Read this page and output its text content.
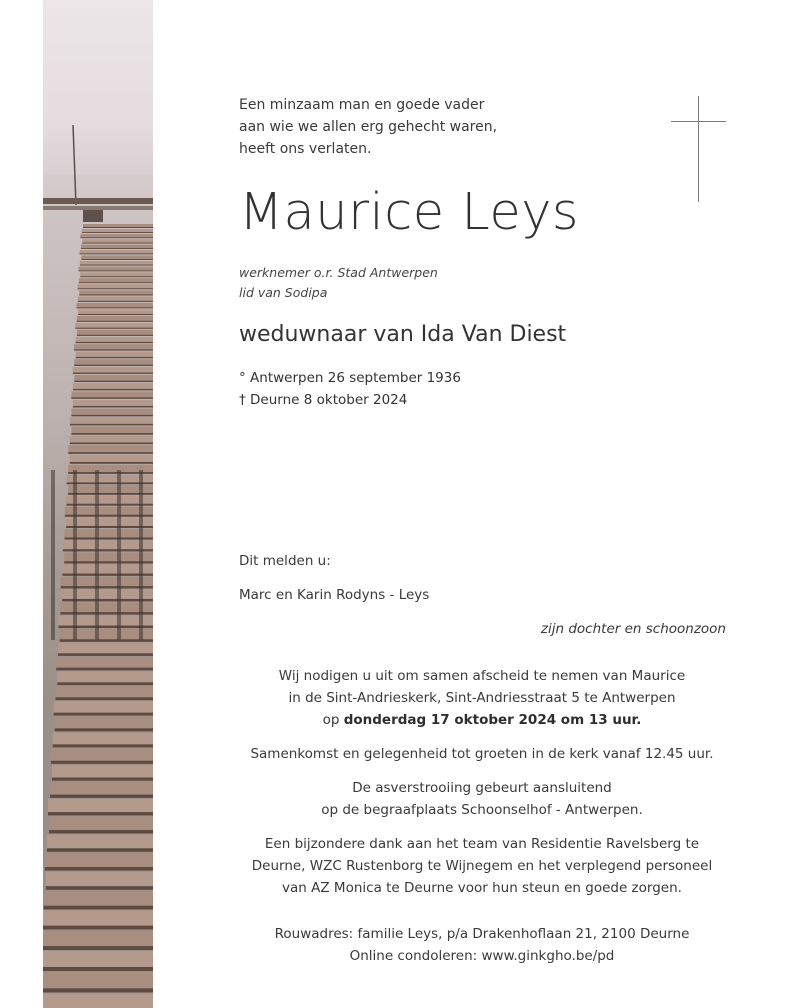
Een minzaam man en goede vader
aan wie we allen erg gehecht waren,
heeft ons verlaten.
Maurice Leys
werknemer o.r. Stad Antwerpen
lid van Sodipa
weduwnaar van Ida Van Diest
° Antwerpen 26 september 1936
† Deurne 8 oktober 2024
Dit melden u:
Marc en Karin Rodyns - Leys
zijn dochter en schoonzoon
Wij nodigen u uit om samen afscheid te nemen van Maurice
in de Sint-Andrieskerk, Sint-Andriesstraat 5 te Antwerpen
op donderdag 17 oktober 2024 om 13 uur.
Samenkomst en gelegenheid tot groeten in de kerk vanaf 12.45 uur.
De asverstrooiing gebeurt aansluitend
op de begraafplaats Schoonselhof - Antwerpen.
Een bijzondere dank aan het team van Residentie Ravelsberg te
Deurne, WZC Rustenborg te Wijnegem en het verplegend personeel
van AZ Monica te Deurne voor hun steun en goede zorgen.
Rouwadres: familie Leys, p/a Drakenhoflaan 21, 2100 Deurne
Online condoleren: www.ginkgho.be/pd
